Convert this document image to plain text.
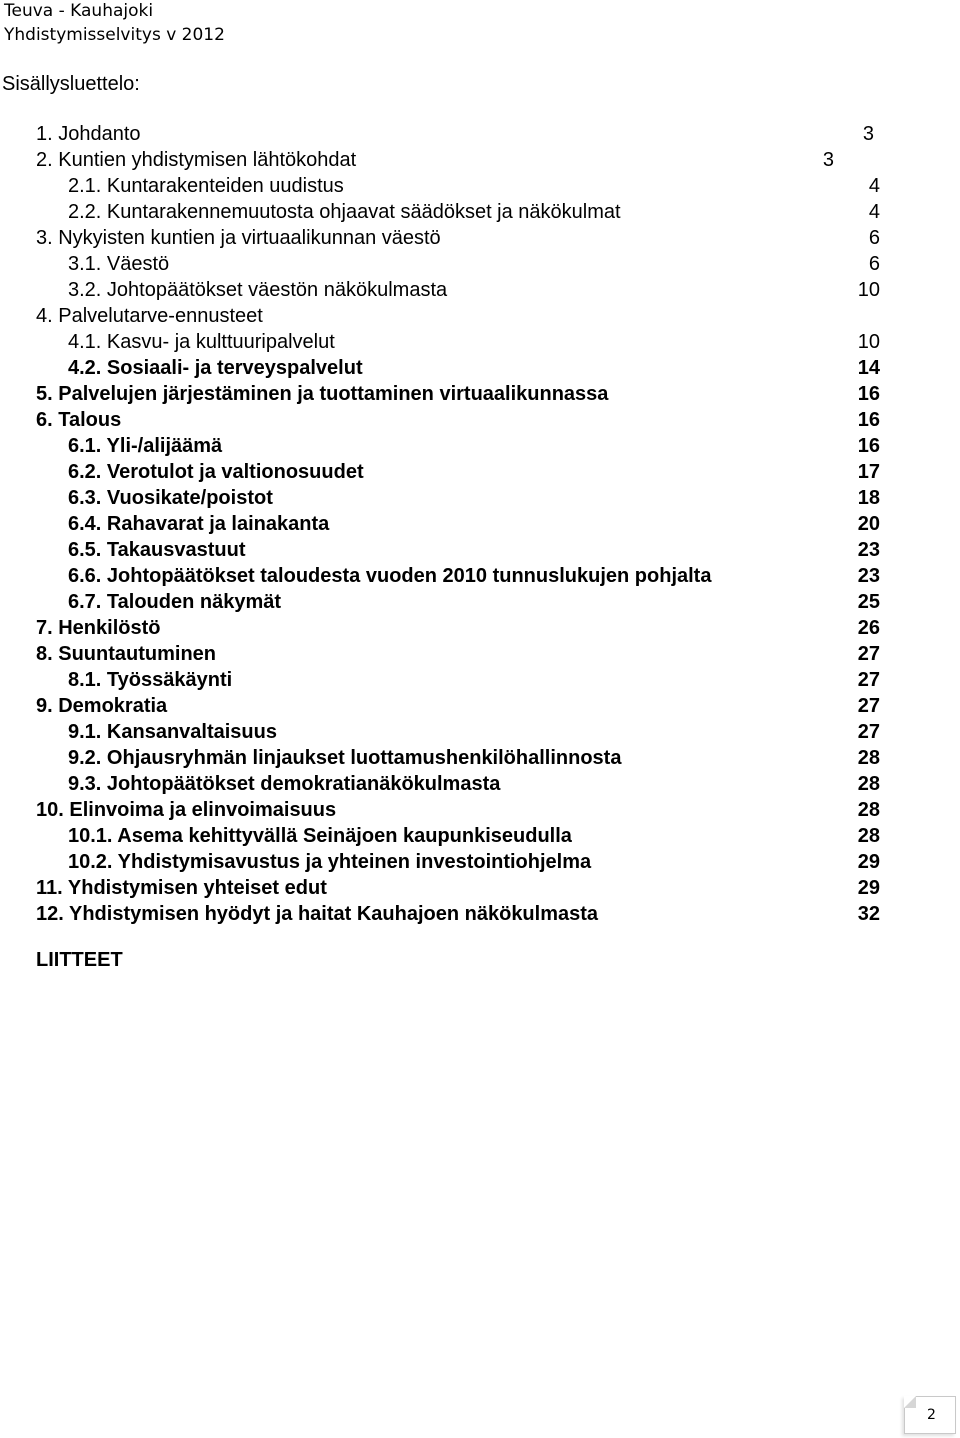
Teuva - Kauhajoki
Yhdistymisselvitys v 2012
Sisällysluettelo:
1. Johdanto	3
2. Kuntien yhdistymisen lähtökohdat	3
2.1. Kuntarakenteiden uudistus	4
2.2. Kuntarakennemuutosta ohjaavat säädökset ja näkökulmat	4
3. Nykyisten kuntien ja virtuaalikunnan väestö	6
3.1. Väestö	6
3.2. Johtopäätökset väestön näkökulmasta	10
4. Palvelutarve-ennusteet
4.1. Kasvu- ja kulttuuripalvelut	10
4.2. Sosiaali- ja terveyspalvelut	14
5. Palvelujen järjestäminen ja tuottaminen virtuaalikunnassa	16
6. Talous	16
6.1. Yli-/alijäämä	16
6.2. Verotulot ja valtionosuudet	17
6.3. Vuosikate/poistot	18
6.4. Rahavarat ja lainakanta	20
6.5. Takausvastuut	23
6.6. Johtopäätökset taloudesta vuoden 2010 tunnuslukujen pohjalta	23
6.7. Talouden näkymät	25
7. Henkilöstö	26
8. Suuntautuminen	27
8.1. Työssäkäynti	27
9. Demokratia	27
9.1. Kansanvaltaisuus	27
9.2. Ohjausryhmän linjaukset luottamushenkilöhallinnosta	28
9.3. Johtopäätökset demokratianäkökulmasta	28
10. Elinvoima ja elinvoimaisuus	28
10.1. Asema kehittyvällä Seinäjoen kaupunkiseudulla	28
10.2. Yhdistymisavustus ja yhteinen investointiohjelma	29
11. Yhdistymisen yhteiset edut	29
12. Yhdistymisen hyödyt ja haitat Kauhajoen näkökulmasta	32
LIITTEET
2
